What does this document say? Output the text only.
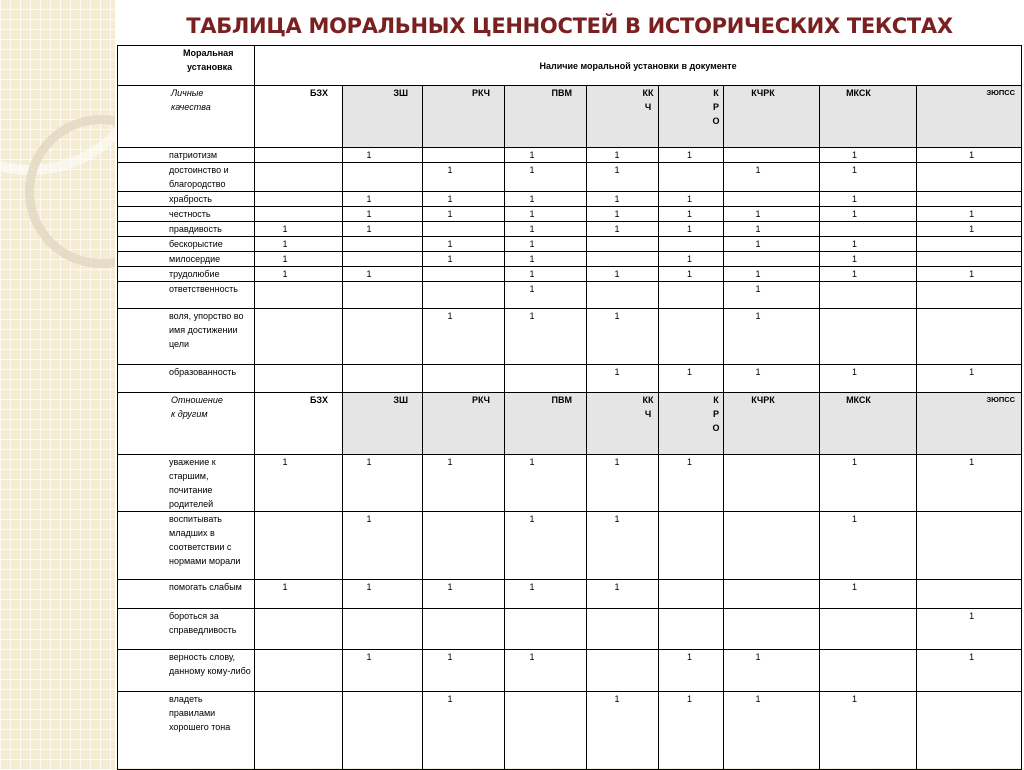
ТАБЛИЦА МОРАЛЬНЫХ ЦЕННОСТЕЙ В ИСТОРИЧЕСКИХ ТЕКСТАХ
Моральная
установка	Наличие моральной установки в документе								

Личные
качества	БЗХ	ЗШ	РКЧ	ПВМ	КК Ч	К Р О	КЧРК	МКСК	ЗЮПСС
патриотизм		1		1	1	1		1	1
достоинство и благородство			1	1	1		1	1	
храбрость		1	1	1	1	1		1	
честность		1	1	1	1	1	1	1	1
правдивость	1	1		1	1	1	1		1
бескорыстие	1		1	1			1	1	
милосердие	1		1	1		1		1	
трудолюбие	1	1		1	1	1	1	1	1
ответственность				1			1		
воля, упорство во имя достижении цели			1	1	1		1		
образованность					1	1	1	1	1

Отношение
к другим	БЗХ	ЗШ	РКЧ	ПВМ	КК Ч	К Р О	КЧРК	МКСК	ЗЮПСС
уважение к старшим, почитание родителей	1	1	1	1	1	1		1	1
воспитывать младших в соответствии с нормами морали		1		1	1			1	
помогать слабым	1	1	1	1	1			1	
бороться за справедливость									1
верность слову, данному кому-либо		1	1	1		1	1		1
владеть правилами хорошего тона			1		1	1	1	1	
